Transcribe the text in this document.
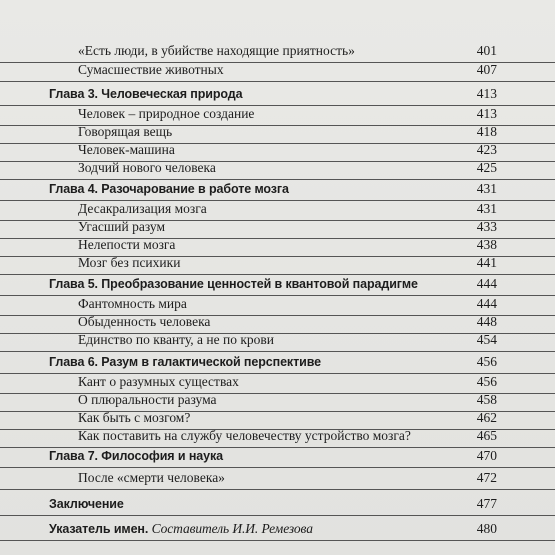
«Есть люди, в убийстве находящие приятность»	401
Сумасшествие животных	407
Глава 3. Человеческая природа	413
Человек – природное создание	413
Говорящая вещь	418
Человек-машина	423
Зодчий нового человека	425
Глава 4. Разочарование в работе мозга	431
Десакрализация мозга	431
Угасший разум	433
Нелепости мозга	438
Мозг без психики	441
Глава 5. Преобразование ценностей в квантовой парадигме	444
Фантомность мира	444
Обыденность человека	448
Единство по кванту, а не по крови	454
Глава 6. Разум в галактической перспективе	456
Кант о разумных существах	456
О плюральности разума	458
Как быть с мозгом?	462
Как поставить на службу человечеству устройство мозга?	465
Глава 7. Философия и наука	470
После «смерти человека»	472
Заключение	477
Указатель имен. Составитель И.И. Ремезова	480
